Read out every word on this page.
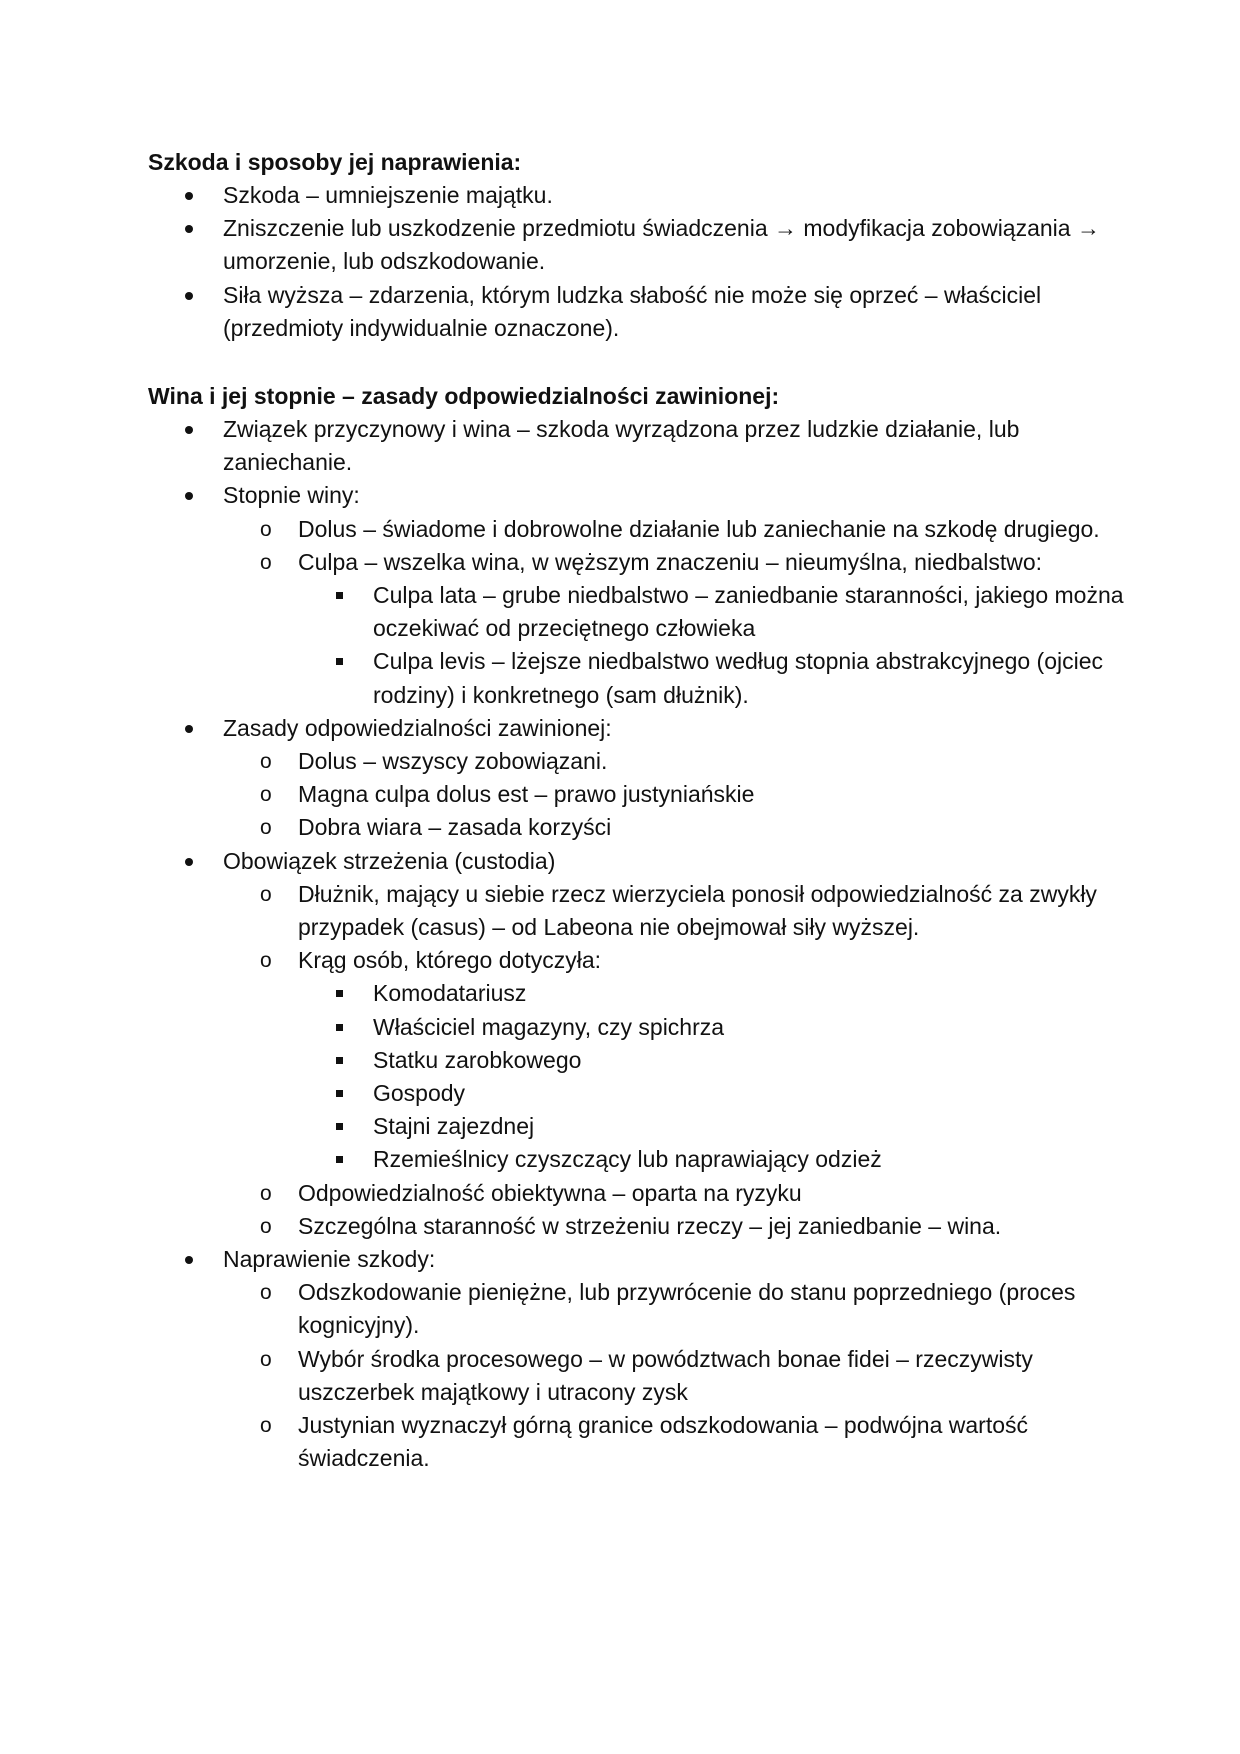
Szkoda i sposoby jej naprawienia:
Szkoda – umniejszenie majątku.
Zniszczenie lub uszkodzenie przedmiotu świadczenia → modyfikacja zobowiązania → umorzenie, lub odszkodowanie.
Siła wyższa – zdarzenia, którym ludzka słabość nie może się oprzeć – właściciel (przedmioty indywidualnie oznaczone).
Wina i jej stopnie – zasady odpowiedzialności zawinionej:
Związek przyczynowy i wina – szkoda wyrządzona przez ludzkie działanie, lub zaniechanie.
Stopnie winy:
o Dolus – świadome i dobrowolne działanie lub zaniechanie na szkodę drugiego.
o Culpa – wszelka wina, w węższym znaczeniu – nieumyślna, niedbalstwo:
Culpa lata – grube niedbalstwo – zaniedbanie staranności, jakiego można oczekiwać od przeciętnego człowieka
Culpa levis – lżejsze niedbalstwo według stopnia abstrakcyjnego (ojciec rodziny) i konkretnego (sam dłużnik).
Zasady odpowiedzialności zawinionej:
o Dolus – wszyscy zobowiązani.
o Magna culpa dolus est – prawo justyniańskie
o Dobra wiara – zasada korzyści
Obowiązek strzeżenia (custodia)
o Dłużnik, mający u siebie rzecz wierzyciela ponosił odpowiedzialność za zwykły przypadek (casus) – od Labeona nie obejmował siły wyższej.
o Krąg osób, którego dotyczyła:
Komodatariusz
Właściciel magazyny, czy spichrza
Statku zarobkowego
Gospody
Stajni zajezdnej
Rzemieślnicy czyszczący lub naprawiający odzież
o Odpowiedzialność obiektywna – oparta na ryzyku
o Szczególna staranność w strzeżeniu rzeczy – jej zaniedbanie – wina.
Naprawienie szkody:
o Odszkodowanie pieniężne, lub przywrócenie do stanu poprzedniego (proces kognicyjny).
o Wybór środka procesowego – w powództwach bonae fidei – rzeczywisty uszczerbek majątkowy i utracony zysk
o Justynian wyznaczył górną granice odszkodowania – podwójna wartość świadczenia.
